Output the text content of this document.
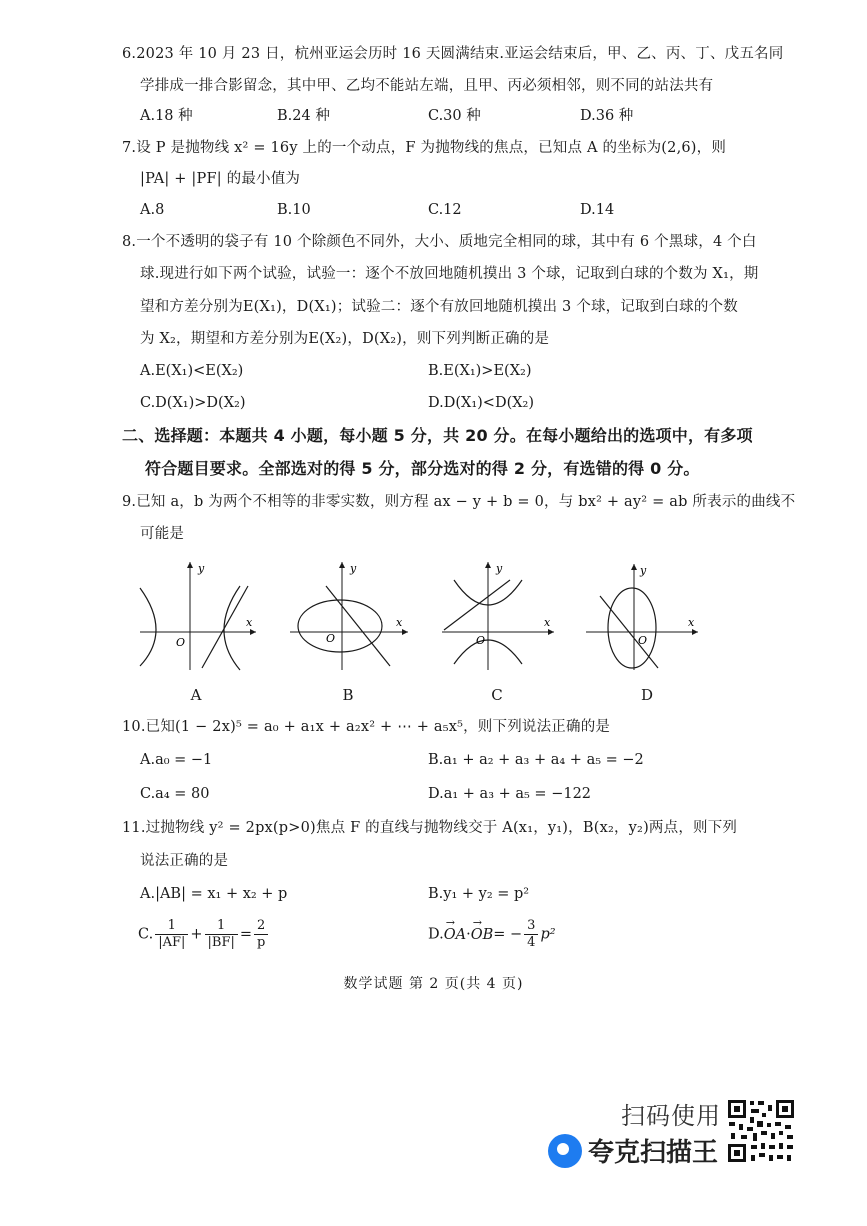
6.2023 年 10 月 23 日，杭州亚运会历时 16 天圆满结束.亚运会结束后，甲、乙、丙、丁、戊五名同
学排成一排合影留念，其中甲、乙均不能站左端，且甲、丙必须相邻，则不同的站法共有
A.18 种	B.24 种	C.30 种	D.36 种
7.设 P 是抛物线 x² = 16y 上的一个动点，F 为抛物线的焦点，已知点 A 的坐标为(2,6)，则
|PA| + |PF| 的最小值为
A.8	B.10	C.12	D.14
8.一个不透明的袋子有 10 个除颜色不同外，大小、质地完全相同的球，其中有 6 个黑球，4 个白
球.现进行如下两个试验，试验一：逐个不放回地随机摸出 3 个球，记取到白球的个数为 X₁，期
望和方差分别为E(X₁)，D(X₁)；试验二：逐个有放回地随机摸出 3 个球，记取到白球的个数
为 X₂，期望和方差分别为E(X₂)，D(X₂)，则下列判断正确的是
A.E(X₁)<E(X₂)	B.E(X₁)>E(X₂)
C.D(X₁)>D(X₂)	D.D(X₁)<D(X₂)
二、选择题：本题共 4 小题，每小题 5 分，共 20 分。在每小题给出的选项中，有多项
符合题目要求。全部选对的得 5 分，部分选对的得 2 分，有选错的得 0 分。
9.已知 a，b 为两个不相等的非零实数，则方程 ax − y + b = 0，与 bx² + ay² = ab 所表示的曲线不
可能是
y
x
O
A
y
x
O
B
y
x
O
C
y
x
O
D
10.已知(1 − 2x)⁵ = a₀ + a₁x + a₂x² + ⋯ + a₅x⁵，则下列说法正确的是
A.a₀ = −1	B.a₁ + a₂ + a₃ + a₄ + a₅ = −2
C.a₄ = 80	D.a₁ + a₃ + a₅ = −122
11.过抛物线 y² = 2px(p>0)焦点 F 的直线与抛物线交于 A(x₁，y₁)，B(x₂，y₂)两点，则下列
说法正确的是
A.|AB| = x₁ + x₂ + p	B.y₁ + y₂ = p²
C. $\frac{1}{|AF|} + \frac{1}{|BF|} = \frac{2}{p}$	$D.\to OA\cdot\to OB= - \frac{3}{4} p^2$
数学试题 第 2 页(共 4 页)
扫码使用
夸克扫描王
